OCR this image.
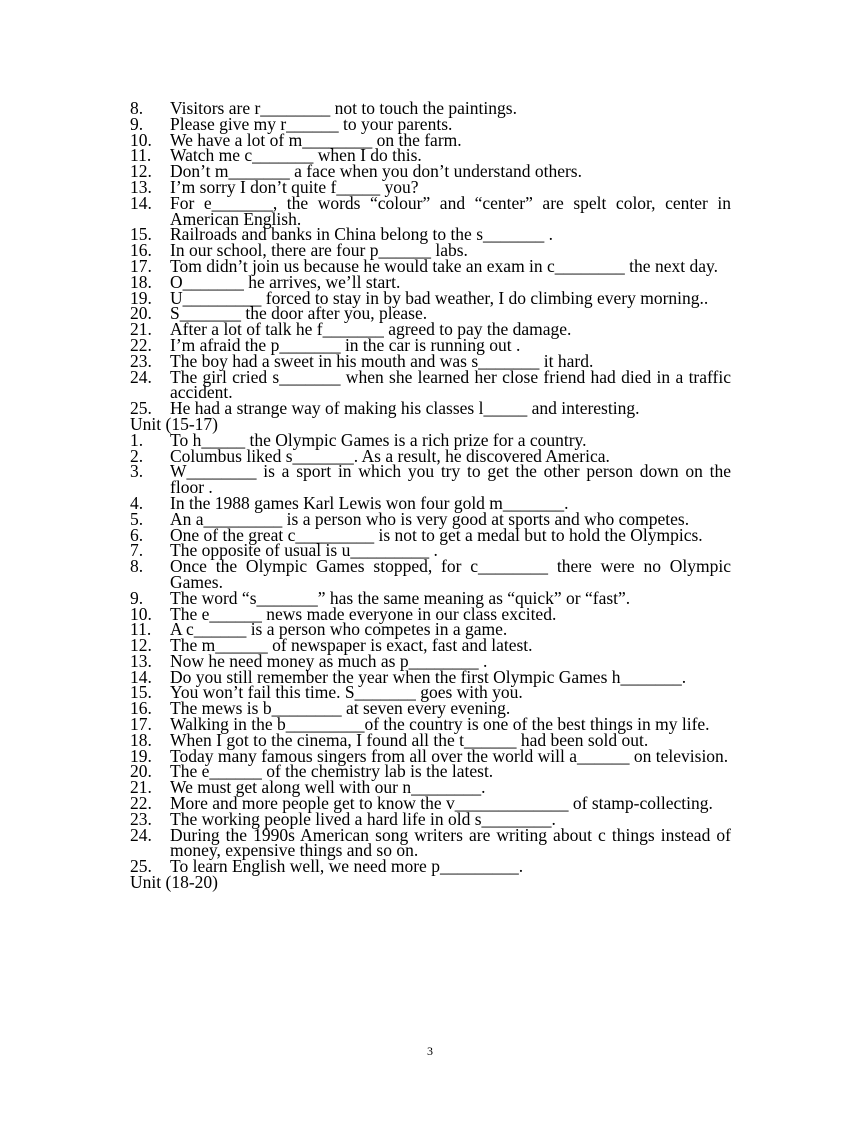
8. Visitors are r________ not to touch the paintings.
9. Please give my r______ to your parents.
10. We have a lot of m________ on the farm.
11. Watch me c_______ when I do this.
12. Don’t m_______ a face when you don’t understand others.
13. I’m sorry I don’t quite f_____ you?
14. For e_______, the words “colour” and “center” are spelt color, center in American English.
15. Railroads and banks in China belong to the s_______ .
16. In our school, there are four p______ labs.
17. Tom didn’t join us because he would take an exam in c________ the next day.
18. O_______ he arrives, we’ll start.
19. U_________ forced to stay in by bad weather, I do climbing every morning..
20. S_______ the door after you, please.
21. After a lot of talk he f_______ agreed to pay the damage.
22. I’m afraid the p_______ in the car is running out .
23. The boy had a sweet in his mouth and was s_______ it hard.
24. The girl cried s_______ when she learned her close friend had died in a traffic accident.
25. He had a strange way of making his classes l_____ and interesting.
Unit (15-17)
1. To h_____ the Olympic Games is a rich prize for a country.
2. Columbus liked s_______. As a result, he discovered America.
3. W________ is a sport in which you try to get the other person down on the floor .
4. In the 1988 games Karl Lewis won four gold m_______.
5. An a_________ is a person who is very good at sports and who competes.
6. One of the great c_________ is not to get a medal but to hold the Olympics.
7. The opposite of usual is u_________ .
8. Once the Olympic Games stopped, for c________ there were no Olympic Games.
9. The word “s_______” has the same meaning as “quick” or “fast”.
10. The e______ news made everyone in our class excited.
11. A c______ is a person who competes in a game.
12. The m______ of newspaper is exact, fast and latest.
13. Now he need money as much as p________ .
14. Do you still remember the year when the first Olympic Games h_______.
15. You won’t fail this time. S_______ goes with you.
16. The mews is b________ at seven every evening.
17. Walking in the b_________of the country is one of the best things in my life.
18. When I got to the cinema, I found all the t______ had been sold out.
19. Today many famous singers from all over the world will a______ on television.
20. The e______ of the chemistry lab is the latest.
21. We must get along well with our n________.
22. More and more people get to know the v_____________ of stamp-collecting.
23. The working people lived a hard life in old s________.
24. During the 1990s American song writers are writing about c things instead of money, expensive things and so on.
25. To learn English well, we need more p_________.
Unit (18-20)
3
